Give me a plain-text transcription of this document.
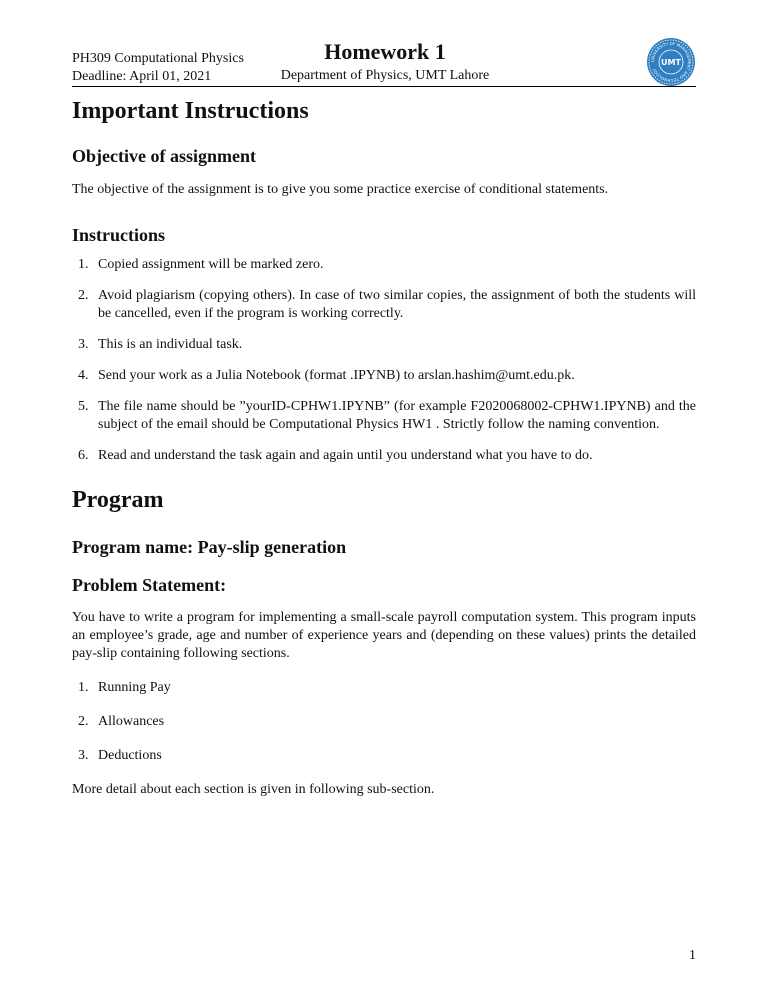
PH309 Computational Physics
Deadline: April 01, 2021
Homework 1
Department of Physics, UMT Lahore
UNIVERSITY OF MANAGEMENT AND TECHNOLOGY
UMT
Important Instructions
Objective of assignment

The objective of the assignment is to give you some practice exercise of conditional statements.

Instructions
1. Copied assignment will be marked zero.
2. Avoid plagiarism (copying others). In case of two similar copies, the assignment of both the students will be cancelled, even if the program is working correctly.
3. This is an individual task.
4. Send your work as a Julia Notebook (format .IPYNB) to arslan.hashim@umt.edu.pk.
5. The file name should be ”yourID-CPHW1.IPYNB” (for example F2020068002-CPHW1.IPYNB) and the subject of the email should be Computational Physics HW1 . Strictly follow the naming convention.
6. Read and understand the task again and again until you understand what you have to do.
Program
Program name: Pay-slip generation
Problem Statement:

You have to write a program for implementing a small-scale payroll computation system. This program inputs an employee’s grade, age and number of experience years and (depending on these values) prints the detailed pay-slip containing following sections.

1. Running Pay
2. Allowances
3. Deductions

More detail about each section is given in following sub-section.

1
